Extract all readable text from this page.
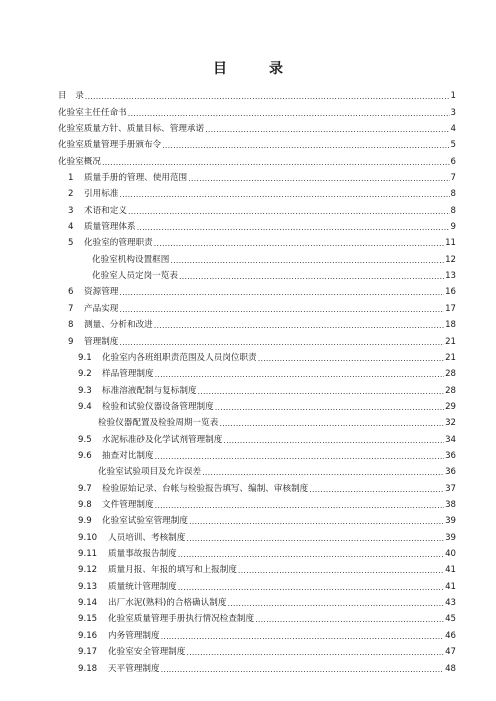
目　录
目　录 .....	1
化验室主任任命书 .....	3
化验室质量方针、质量目标、管理承诺 .....	4
化验室质量管理手册颁布令 .....	5
化验室概况 .....	6
1	质量手册的管理、使用范围 .....	7
2	引用标准 .....	8
3	术语和定义 .....	8
4	质量管理体系 .....	9
5	化验室的管理职责 .....	11
化验室机构设置框图 .....	12
化验室人员定岗一览表 .....	13
6	资源管理 .....	16
7	产品实现 .....	17
8	测量、分析和改进 .....	18
9	管理制度 .....	21
9.1	化验室内各班组职责范围及人员岗位职责 .....	21
9.2	样品管理制度 .....	28
9.3	标准溶液配制与复标制度 .....	28
9.4	检验和试验仪器设备管理制度 .....	29
检验仪器配置及检验周期一览表 .....	32
9.5	水泥标准砂及化学试剂管理制度 .....	34
9.6	抽查对比制度 .....	36
化验室试验项目及允许误差 .....	36
9.7	检验原始记录、台帐与检验报告填写、编制、审核制度 .....	37
9.8	文件管理制度 .....	38
9.9	化验室试验室管理制度 .....	39
9.10	人员培训、考核制度 .....	39
9.11	质量事故报告制度 .....	40
9.12	质量月报、年报的填写和上报制度 .....	41
9.13	质量统计管理制度 .....	41
9.14	出厂水泥(熟料)的合格确认制度 .....	43
9.15	化验室质量管理手册执行情况检查制度 .....	45
9.16	内务管理制度 .....	46
9.17	化验室安全管理制度 .....	47
9.18	天平管理制度 .....	48
